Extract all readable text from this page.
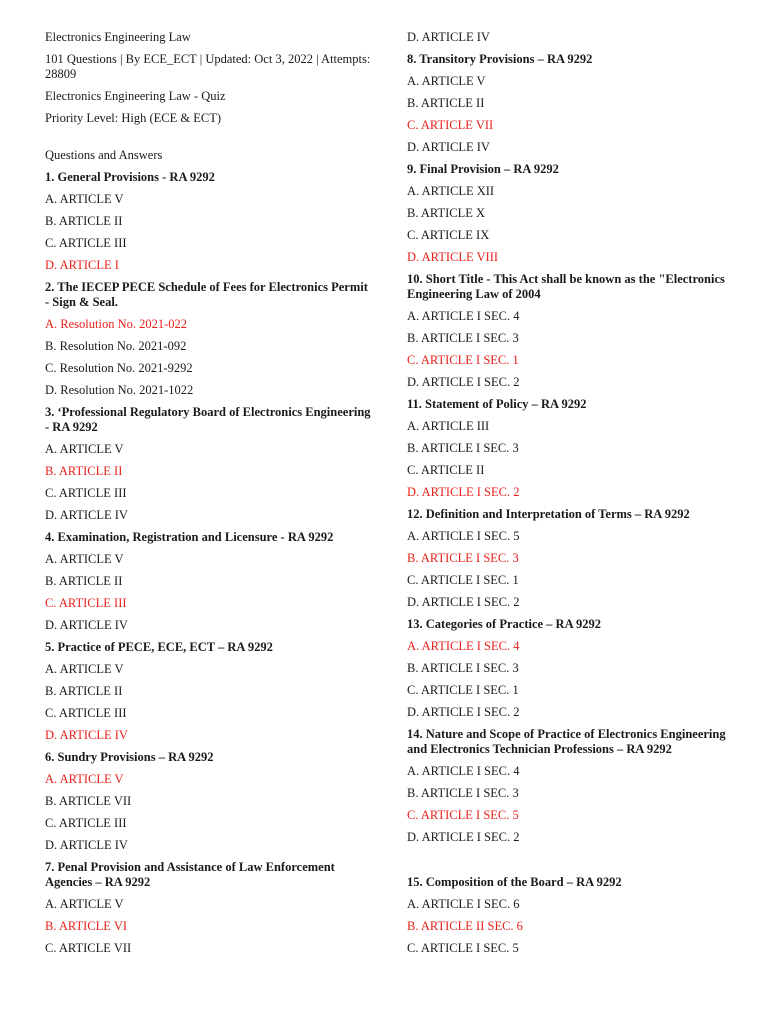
Electronics Engineering Law

101 Questions | By ECE_ECT | Updated: Oct 3, 2022 | Attempts: 28809

Electronics Engineering Law - Quiz

Priority Level: High (ECE & ECT)

Questions and Answers

1. General Provisions - RA 9292

A. ARTICLE V

B. ARTICLE II

C. ARTICLE III

D. ARTICLE I

2. The IECEP PECE Schedule of Fees for Electronics Permit - Sign & Seal.

A. Resolution No. 2021-022

B. Resolution No. 2021-092

C. Resolution No. 2021-9292

D. Resolution No. 2021-1022

3. ‘Professional Regulatory Board of Electronics Engineering - RA 9292

A. ARTICLE V

B. ARTICLE II

C. ARTICLE III

D. ARTICLE IV

4. Examination, Registration and Licensure - RA 9292

A. ARTICLE V

B. ARTICLE II

C. ARTICLE III

D. ARTICLE IV

5. Practice of PECE, ECE, ECT – RA 9292

A. ARTICLE V

B. ARTICLE II

C. ARTICLE III

D. ARTICLE IV

6. Sundry Provisions – RA 9292

A. ARTICLE V

B. ARTICLE VII

C. ARTICLE III

D. ARTICLE IV

7. Penal Provision and Assistance of Law Enforcement Agencies – RA 9292

A. ARTICLE V

B. ARTICLE VI

C. ARTICLE VII

D. ARTICLE IV

8. Transitory Provisions – RA 9292

A. ARTICLE V

B. ARTICLE II

C. ARTICLE VII

D. ARTICLE IV

9. Final Provision – RA 9292

A. ARTICLE XII

B. ARTICLE X

C. ARTICLE IX

D. ARTICLE VIII

10. Short Title - This Act shall be known as the "Electronics Engineering Law of 2004

A. ARTICLE I SEC. 4

B. ARTICLE I SEC. 3

C. ARTICLE I SEC. 1

D. ARTICLE I SEC. 2

11. Statement of Policy – RA 9292

A. ARTICLE III

B. ARTICLE I SEC. 3

C. ARTICLE II

D. ARTICLE I SEC. 2

12. Definition and Interpretation of Terms – RA 9292

A. ARTICLE I SEC. 5

B. ARTICLE I SEC. 3

C. ARTICLE I SEC. 1

D. ARTICLE I SEC. 2

13. Categories of Practice – RA 9292

A. ARTICLE I SEC. 4

B. ARTICLE I SEC. 3

C. ARTICLE I SEC. 1

D. ARTICLE I SEC. 2

14. Nature and Scope of Practice of Electronics Engineering and Electronics Technician Professions – RA 9292

A. ARTICLE I SEC. 4

B. ARTICLE I SEC. 3

C. ARTICLE I SEC. 5

D. ARTICLE I SEC. 2

15. Composition of the Board – RA 9292

A. ARTICLE I SEC. 6

B. ARTICLE II SEC. 6

C. ARTICLE I SEC. 5
